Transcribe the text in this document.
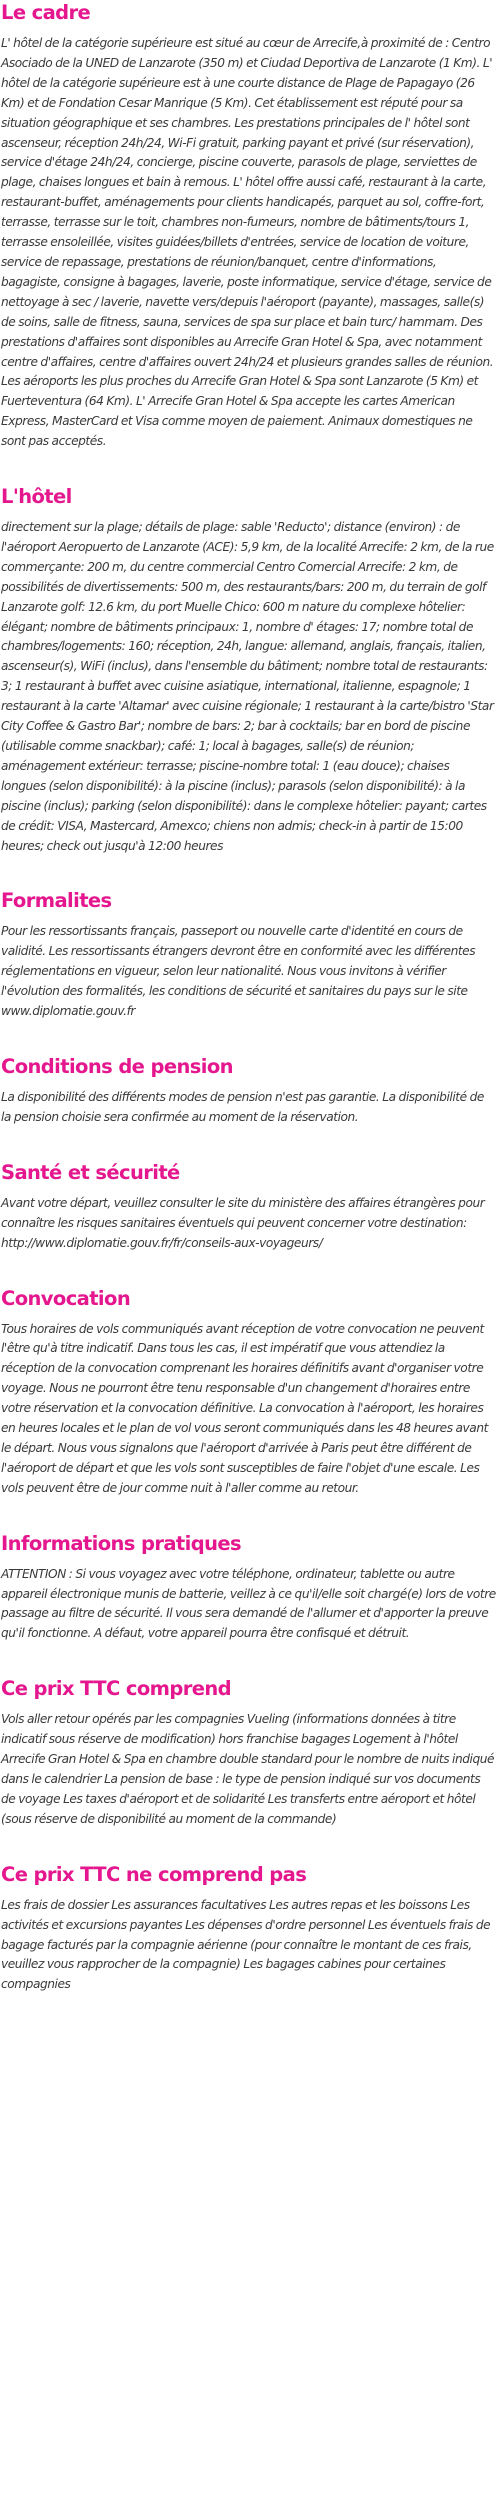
Le cadre

L' hôtel de la catégorie supérieure est situé au cœur de Arrecife,à proximité de : Centro Asociado de la UNED de Lanzarote (350 m) et Ciudad Deportiva de Lanzarote (1 Km). L' hôtel de la catégorie supérieure est à une courte distance de Plage de Papagayo (26 Km) et de Fondation Cesar Manrique (5 Km). Cet établissement est réputé pour sa situation géographique et ses chambres. Les prestations principales de l' hôtel sont ascenseur, réception 24h/24, Wi-Fi gratuit, parking payant et privé (sur réservation), service d'étage 24h/24, concierge, piscine couverte, parasols de plage, serviettes de plage, chaises longues et bain à remous. L' hôtel offre aussi café, restaurant à la carte, restaurant-buffet, aménagements pour clients handicapés, parquet au sol, coffre-fort, terrasse, terrasse sur le toit, chambres non-fumeurs, nombre de bâtiments/tours 1, terrasse ensoleillée, visites guidées/billets d'entrées, service de location de voiture, service de repassage, prestations de réunion/banquet, centre d'informations, bagagiste, consigne à bagages, laverie, poste informatique, service d'étage, service de nettoyage à sec / laverie, navette vers/depuis l'aéroport (payante), massages, salle(s) de soins, salle de fitness, sauna, services de spa sur place et bain turc/ hammam. Des prestations d'affaires sont disponibles au Arrecife Gran Hotel & Spa, avec notamment centre d'affaires, centre d'affaires ouvert 24h/24 et plusieurs grandes salles de réunion. Les aéroports les plus proches du Arrecife Gran Hotel & Spa sont Lanzarote (5 Km) et Fuerteventura (64 Km). L' Arrecife Gran Hotel & Spa accepte les cartes American Express, MasterCard et Visa comme moyen de paiement. Animaux domestiques ne sont pas acceptés.

L'hôtel

directement sur la plage; détails de plage: sable 'Reducto'; distance (environ) : de l'aéroport Aeropuerto de Lanzarote (ACE): 5,9 km, de la localité Arrecife: 2 km, de la rue commerçante: 200 m, du centre commercial Centro Comercial Arrecife: 2 km, de possibilités de divertissements: 500 m, des restaurants/bars: 200 m, du terrain de golf Lanzarote golf: 12.6 km, du port Muelle Chico: 600 m nature du complexe hôtelier: élégant; nombre de bâtiments principaux: 1, nombre d' étages: 17; nombre total de chambres/logements: 160; réception, 24h, langue: allemand, anglais, français, italien, ascenseur(s), WiFi (inclus), dans l'ensemble du bâtiment; nombre total de restaurants: 3; 1 restaurant à buffet avec cuisine asiatique, international, italienne, espagnole; 1 restaurant à la carte 'Altamar' avec cuisine régionale; 1 restaurant à la carte/bistro 'Star City Coffee & Gastro Bar'; nombre de bars: 2; bar à cocktails; bar en bord de piscine (utilisable comme snackbar); café: 1; local à bagages, salle(s) de réunion; aménagement extérieur: terrasse; piscine-nombre total: 1 (eau douce); chaises longues (selon disponibilité): à la piscine (inclus); parasols (selon disponibilité): à la piscine (inclus); parking (selon disponibilité): dans le complexe hôtelier: payant; cartes de crédit: VISA, Mastercard, Amexco; chiens non admis; check-in à partir de 15:00 heures; check out jusqu'à 12:00 heures

Formalites

Pour les ressortissants français, passeport ou nouvelle carte d'identité en cours de validité. Les ressortissants étrangers devront être en conformité avec les différentes réglementations en vigueur, selon leur nationalité. Nous vous invitons à vérifier l'évolution des formalités, les conditions de sécurité et sanitaires du pays sur le site www.diplomatie.gouv.fr

Conditions de pension

La disponibilité des différents modes de pension n'est pas garantie. La disponibilité de la pension choisie sera confirmée au moment de la réservation.

Santé et sécurité

Avant votre départ, veuillez consulter le site du ministère des affaires étrangères pour connaître les risques sanitaires éventuels qui peuvent concerner votre destination: http://www.diplomatie.gouv.fr/fr/conseils-aux-voyageurs/

Convocation

Tous horaires de vols communiqués avant réception de votre convocation ne peuvent l'être qu'à titre indicatif. Dans tous les cas, il est impératif que vous attendiez la réception de la convocation comprenant les horaires définitifs avant d'organiser votre voyage. Nous ne pourront être tenu responsable d'un changement d'horaires entre votre réservation et la convocation définitive. La convocation à l'aéroport, les horaires en heures locales et le plan de vol vous seront communiqués dans les 48 heures avant le départ. Nous vous signalons que l'aéroport d'arrivée à Paris peut être différent de l'aéroport de départ et que les vols sont susceptibles de faire l'objet d'une escale. Les vols peuvent être de jour comme nuit à l'aller comme au retour.

Informations pratiques

ATTENTION : Si vous voyagez avec votre téléphone, ordinateur, tablette ou autre appareil électronique munis de batterie, veillez à ce qu'il/elle soit chargé(e) lors de votre passage au filtre de sécurité. Il vous sera demandé de l'allumer et d'apporter la preuve qu'il fonctionne. A défaut, votre appareil pourra être confisqué et détruit.

Ce prix TTC comprend

Vols aller retour opérés par les compagnies Vueling (informations données à titre indicatif sous réserve de modification) hors franchise bagages Logement à l'hôtel Arrecife Gran Hotel & Spa en chambre double standard pour le nombre de nuits indiqué dans le calendrier La pension de base : le type de pension indiqué sur vos documents de voyage Les taxes d'aéroport et de solidarité Les transferts entre aéroport et hôtel (sous réserve de disponibilité au moment de la commande)

Ce prix TTC ne comprend pas

Les frais de dossier Les assurances facultatives Les autres repas et les boissons Les activités et excursions payantes Les dépenses d'ordre personnel Les éventuels frais de bagage facturés par la compagnie aérienne (pour connaître le montant de ces frais, veuillez vous rapprocher de la compagnie) Les bagages cabines pour certaines compagnies
